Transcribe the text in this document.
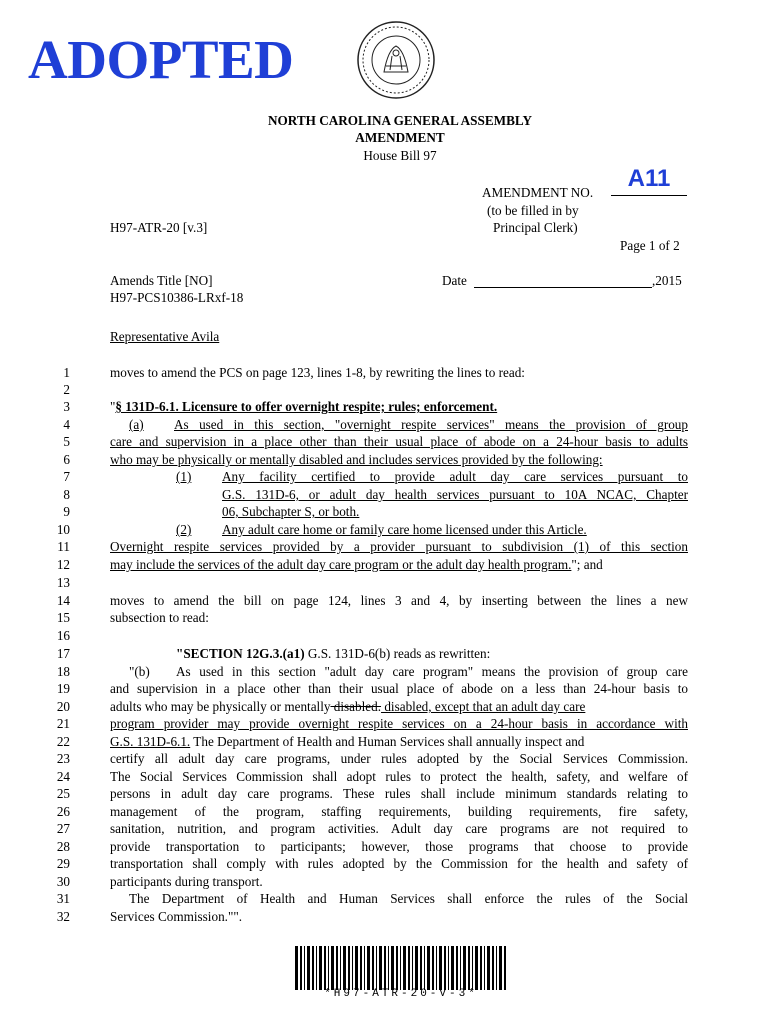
ADOPTED
NORTH CAROLINA GENERAL ASSEMBLY
AMENDMENT
House Bill 97
AMENDMENT NO.
A11
(to be filled in by
Principal Clerk)
H97-ATR-20 [v.3]
Page 1 of 2
Amends Title [NO]	Date	,2015
H97-PCS10386-LRxf-18
Representative Avila
1
2
3
4
5
6
7
8
9
10
11
12
13
14
15
16
17
18
19
20
21
22
23
24
25
26
27
28
29
30
31
32
moves to amend the PCS on page 123, lines 1-8, by rewriting the lines to read:
"§ 131D-6.1. Licensure to offer overnight respite; rules; enforcement.
(a) As used in this section, "overnight respite services" means the provision of group
care and supervision in a place other than their usual place of abode on a 24-hour basis to adults
who may be physically or mentally disabled and includes services provided by the following:
(1) Any facility certified to provide adult day care services pursuant to
G.S. 131D-6, or adult day health services pursuant to 10A NCAC, Chapter
06, Subchapter S, or both.
(2) Any adult care home or family care home licensed under this Article.
Overnight respite services provided by a provider pursuant to subdivision (1) of this section
may include the services of the adult day care program or the adult day health program."; and
moves to amend the bill on page 124, lines 3 and 4, by inserting between the lines a new
subsection to read:
"SECTION 12G.3.(a1) G.S. 131D-6(b) reads as rewritten:
"(b) As used in this section "adult day care program" means the provision of group care
and supervision in a place other than their usual place of abode on a less than 24-hour basis to
adults who may be physically or mentally disabled. disabled, except that an adult day care
program provider may provide overnight respite services on a 24-hour basis in accordance with
G.S. 131D-6.1. The Department of Health and Human Services shall annually inspect and
certify all adult day care programs, under rules adopted by the Social Services Commission.
The Social Services Commission shall adopt rules to protect the health, safety, and welfare of
persons in adult day care programs. These rules shall include minimum standards relating to
management of the program, staffing requirements, building requirements, fire safety,
sanitation, nutrition, and program activities. Adult day care programs are not required to
provide transportation to participants; however, those programs that choose to provide
transportation shall comply with rules adopted by the Commission for the health and safety of
participants during transport.
The Department of Health and Human Services shall enforce the rules of the Social
Services Commission."".
*H97-ATR-20-V-3*
